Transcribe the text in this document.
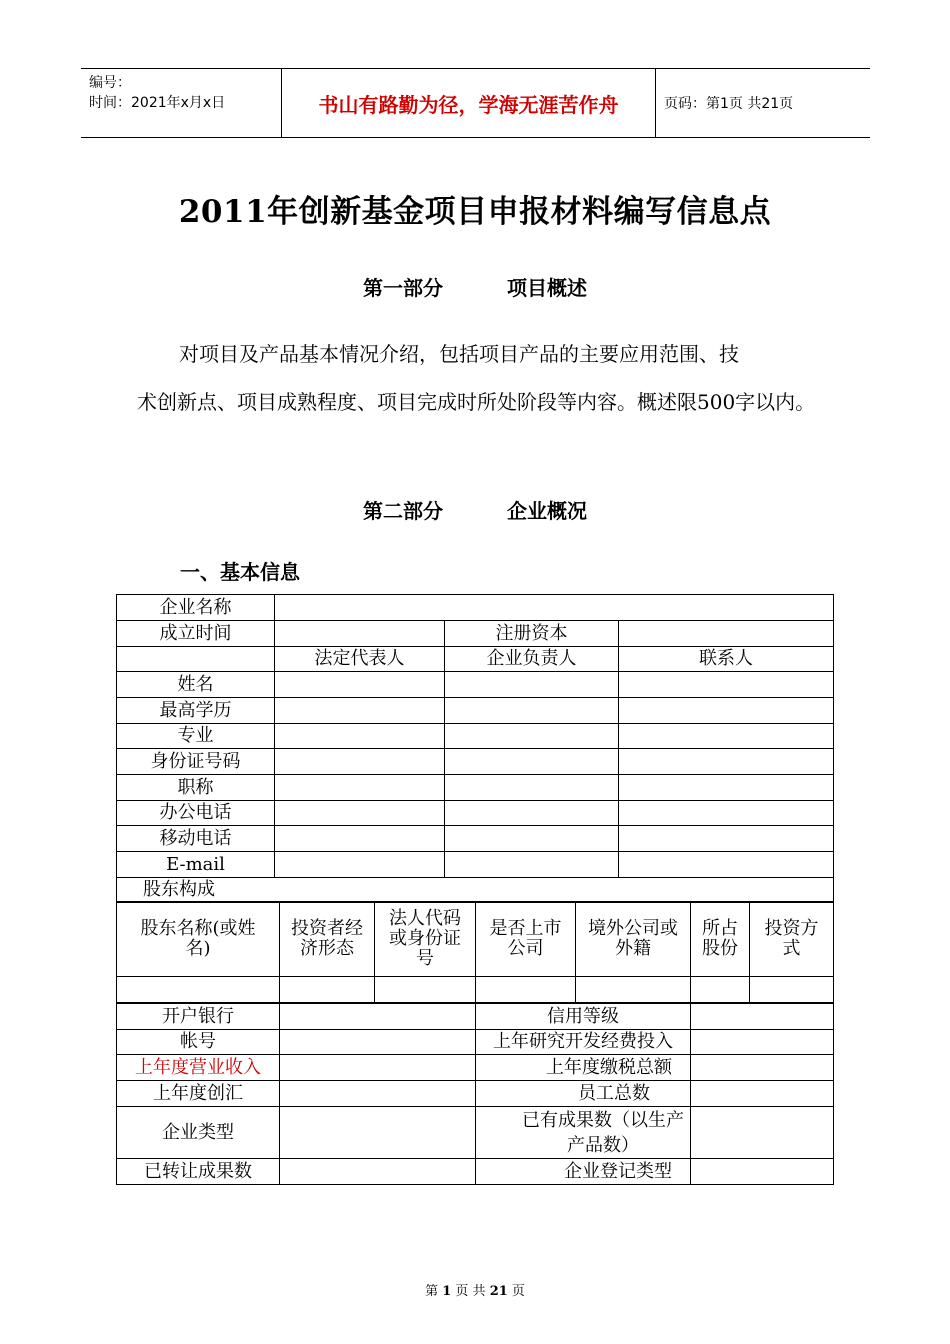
编号：
时间：2021年x月x日	书山有路勤为径，学海无涯苦作舟	页码：第1页 共21页
2011年创新基金项目申报材料编写信息点
第一部分	项目概述
对项目及产品基本情况介绍，包括项目产品的主要应用范围、技
术创新点、项目成熟程度、项目完成时所处阶段等内容。概述限500字以内。
第二部分	企业概况
一、基本信息
企业名称			
成立时间		注册资本	
	法定代表人	企业负责人	联系人
姓名			
最高学历			
专业			
身份证号码			
职称			
办公电话			
移动电话			
E-mail			
股东构成			
股东名称(或姓名)	投资者经济形态	法人代码或身份证号	是否上市公司	境外公司或外籍	所占股份	投资方式

开户银行		信用等级	
帐号		上年研究开发经费投入	
上年度营业收入		上年度缴税总额	
上年度创汇		员工总数	
企业类型		已有成果数（以生产产品数）	
已转让成果数		企业登记类型	
第 1 页 共 21 页
